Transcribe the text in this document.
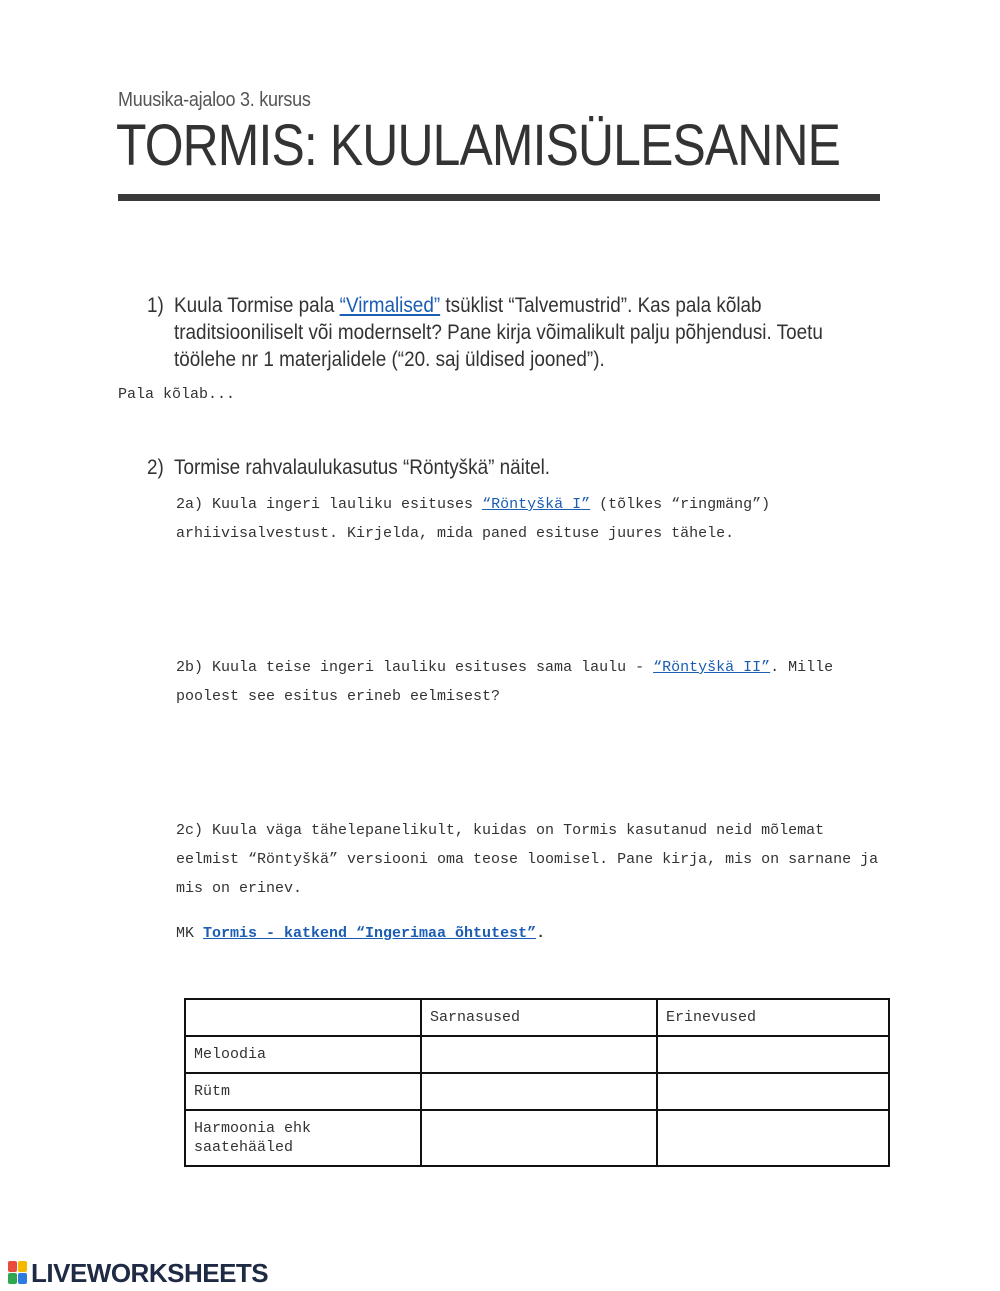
Muusika-ajaloo 3. kursus
TORMIS: KUULAMISÜLESANNE
1) Kuula Tormise pala “Virmalised” tsüklist “Talvemustrid”. Kas pala kõlab traditsiooniliselt või modernselt? Pane kirja võimalikult palju põhjendusi. Toetu töölehe nr 1 materjalidele (“20. saj üldised jooned”).
Pala kõlab...
2) Tormise rahvalaulukasutus “Röntyškä” näitel.
2a) Kuula ingeri lauliku esituses “Röntyškä I” (tõlkes “ringmäng”) arhiivisalvestust. Kirjelda, mida paned esituse juures tähele.
2b) Kuula teise ingeri lauliku esituses sama laulu - “Röntyškä II”. Mille poolest see esitus erineb eelmisest?
2c) Kuula väga tähelepanelikult, kuidas on Tormis kasutanud neid mõlemat eelmist “Röntyškä” versiooni oma teose loomisel. Pane kirja, mis on sarnane ja mis on erinev.
MK Tormis - katkend “Ingerimaa õhtutest”.
	Sarnasused	Erinevused
Meloodia		
Rütm		
Harmoonia ehk saatehääled		
LIVEWORKSHEETS
